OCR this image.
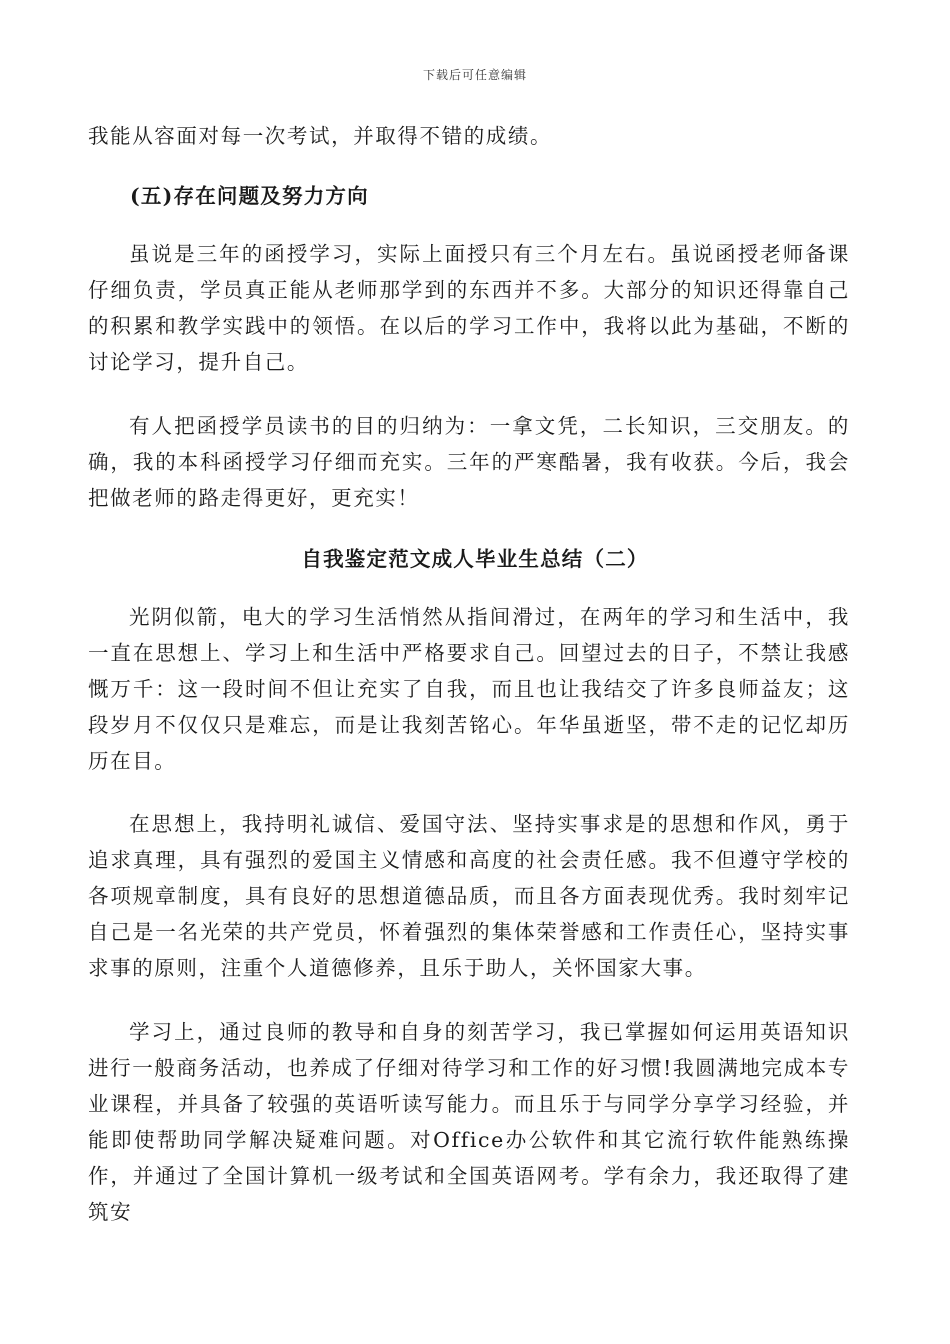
下载后可任意编辑

我能从容面对每一次考试，并取得不错的成绩。

(五)存在问题及努力方向

虽说是三年的函授学习，实际上面授只有三个月左右。虽说函授老师备课仔细负责，学员真正能从老师那学到的东西并不多。大部分的知识还得靠自己的积累和教学实践中的领悟。在以后的学习工作中，我将以此为基础，不断的讨论学习，提升自己。

有人把函授学员读书的目的归纳为：一拿文凭，二长知识，三交朋友。的确，我的本科函授学习仔细而充实。三年的严寒酷暑，我有收获。今后，我会把做老师的路走得更好，更充实！

自我鉴定范文成人毕业生总结（二）

光阴似箭，电大的学习生活悄然从指间滑过，在两年的学习和生活中，我一直在思想上、学习上和生活中严格要求自己。回望过去的日子，不禁让我感慨万千：这一段时间不但让充实了自我，而且也让我结交了许多良师益友；这段岁月不仅仅只是难忘，而是让我刻苦铭心。年华虽逝坚，带不走的记忆却历历在目。

在思想上，我持明礼诚信、爱国守法、坚持实事求是的思想和作风，勇于追求真理，具有强烈的爱国主义情感和高度的社会责任感。我不但遵守学校的各项规章制度，具有良好的思想道德品质，而且各方面表现优秀。我时刻牢记自己是一名光荣的共产党员，怀着强烈的集体荣誉感和工作责任心，坚持实事求事的原则，注重个人道德修养，且乐于助人，关怀国家大事。

学习上，通过良师的教导和自身的刻苦学习，我已掌握如何运用英语知识进行一般商务活动，也养成了仔细对待学习和工作的好习惯!我圆满地完成本专业课程，并具备了较强的英语听读写能力。而且乐于与同学分享学习经验，并能即使帮助同学解决疑难问题。对Office办公软件和其它流行软件能熟练操作，并通过了全国计算机一级考试和全国英语网考。学有余力，我还取得了建筑安
